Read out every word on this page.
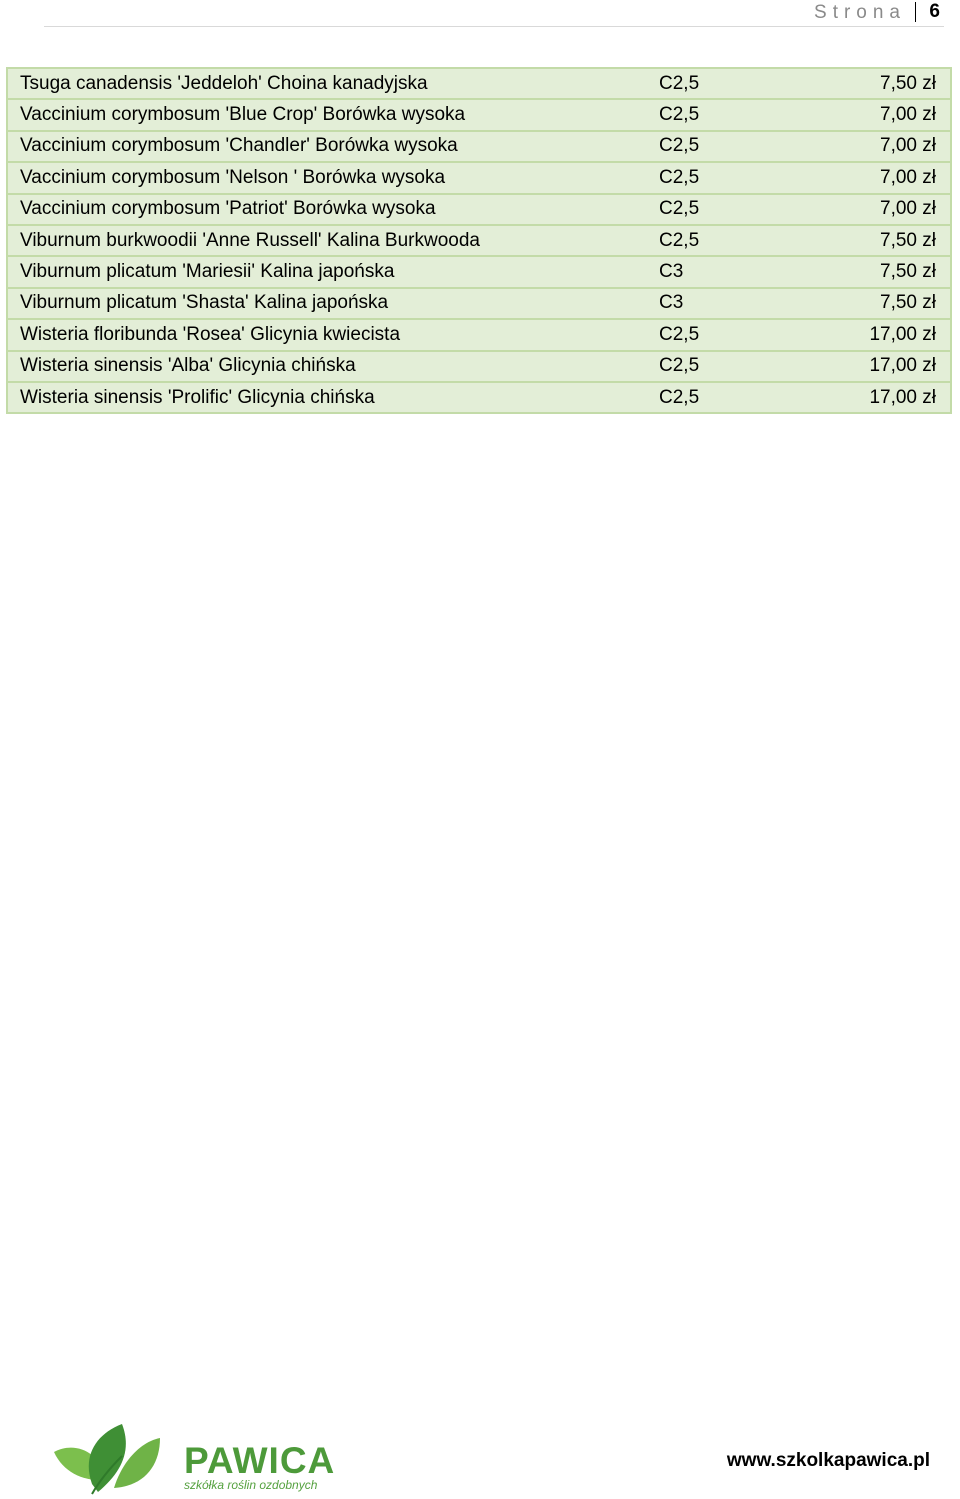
Strona 6
Tsuga canadensis 'Jeddeloh' Choina kanadyjska	C2,5	7,50 zł
Vaccinium corymbosum 'Blue Crop' Borówka wysoka	C2,5	7,00 zł
Vaccinium corymbosum 'Chandler' Borówka wysoka	C2,5	7,00 zł
Vaccinium corymbosum 'Nelson ' Borówka wysoka	C2,5	7,00 zł
Vaccinium corymbosum 'Patriot' Borówka wysoka	C2,5	7,00 zł
Viburnum burkwoodii 'Anne Russell' Kalina Burkwooda	C2,5	7,50 zł
Viburnum plicatum 'Mariesii' Kalina japońska	C3	7,50 zł
Viburnum plicatum 'Shasta' Kalina japońska	C3	7,50 zł
Wisteria floribunda 'Rosea' Glicynia kwiecista	C2,5	17,00 zł
Wisteria sinensis 'Alba' Glicynia chińska	C2,5	17,00 zł
Wisteria sinensis 'Prolific' Glicynia chińska	C2,5	17,00 zł
PAWICA
szkółka roślin ozdobnych
www.szkolkapawica.pl
